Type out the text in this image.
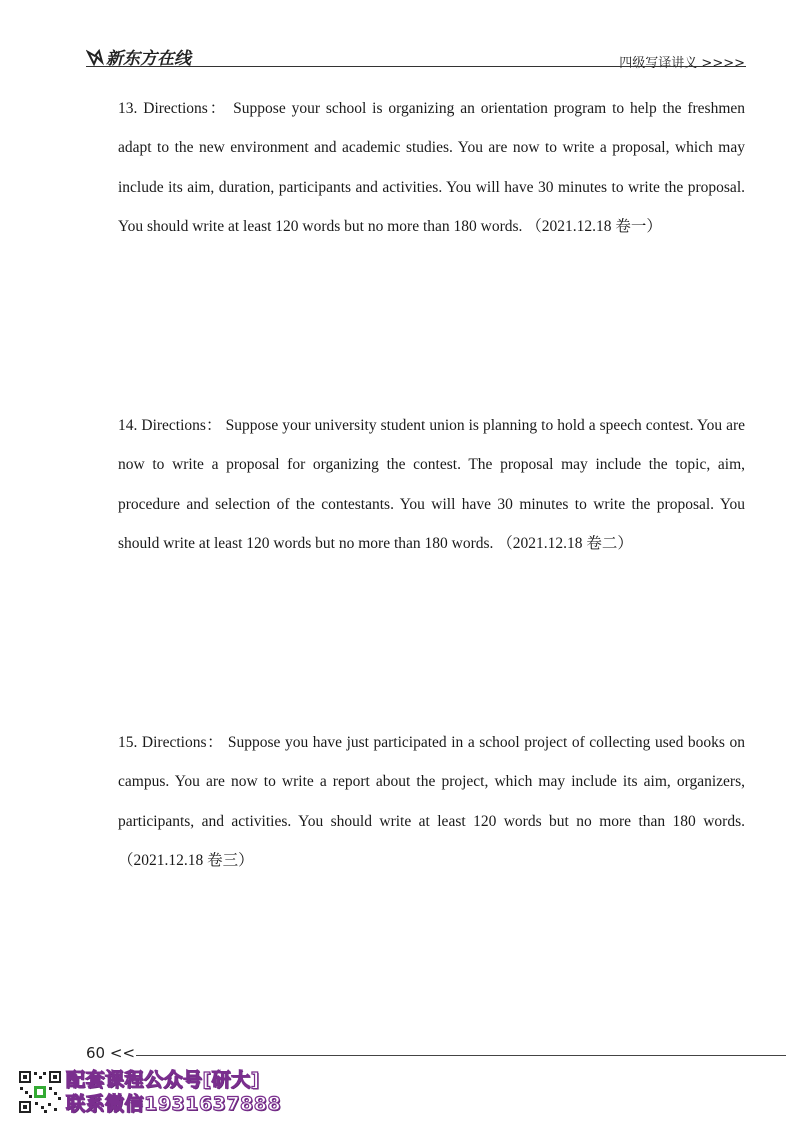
新东方在线	四级写译讲义 >>>>
13. Directions： Suppose your school is organizing an orientation program to help the freshmen adapt to the new environment and academic studies. You are now to write a proposal, which may include its aim, duration, participants and activities. You will have 30 minutes to write the proposal. You should write at least 120 words but no more than 180 words. （2021.12.18 卷一）
14. Directions： Suppose your university student union is planning to hold a speech contest. You are now to write a proposal for organizing the contest. The proposal may include the topic, aim, procedure and selection of the contestants. You will have 30 minutes to write the proposal. You should write at least 120 words but no more than 180 words. （2021.12.18 卷二）
15. Directions： Suppose you have just participated in a school project of collecting used books on campus. You are now to write a report about the project, which may include its aim, organizers, participants, and activities. You should write at least 120 words but no more than 180 words. （2021.12.18 卷三）
60 <<
配套课程公众号[研大]
联系微信1931637888
